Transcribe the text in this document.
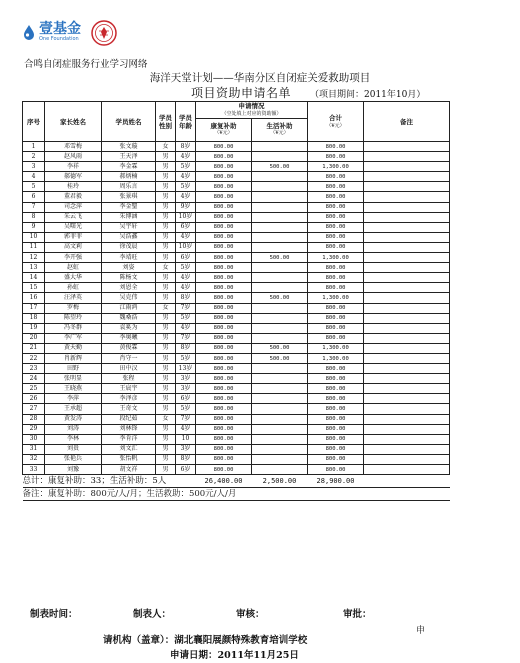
壹基金
One Foundation
合鸣自闭症服务行业学习网络
海洋天堂计划——华南分区自闭症关爱救助项目
项目资助申请名单 （项目期间：2011年10月）
序号	家长姓名	学员姓名	学员性别	学员年龄	申请情况
（空处填上对应的资助额）		合计
（¥元）	备注

					康复补助
（¥元）	生活补助
（¥元）		

1	邓雪梅	张文璇	女	8岁	800.00		800.00	
2	赵风雨	王天泽	男	4岁	800.00		800.00	
3	李祥	李金霖	男	5岁	800.00	500.00	1,300.00	
4	郝德军	郝炳楠	男	4岁	800.00		800.00	
5	桂玲	周乐言	男	5岁	800.00		800.00	
6	董君毅	张景琪	男	4岁	800.00		800.00	
7	司念萍	李金聖	男	9岁	800.00		800.00	
8	朱云飞	朱博涵	男	10岁	800.00		800.00	
9	吴曙光	吴宇轩	男	6岁	800.00		800.00	
10	郭菲菲	吴浩鑫	男	4岁	800.00		800.00	
11	高文莉	徐茂晨	男	10岁	800.00		800.00	
12	李开强	李靖旺	男	6岁	800.00	500.00	1,300.00	
13	赵虹	刘姿	女	5岁	800.00		800.00	
14	盛大华	陈杨文	男	4岁	800.00		800.00	
15	孙虹	刘恩全	男	4岁	800.00		800.00	
16	汪泽英	吴克伟	男	8岁	800.00	500.00	1,300.00	
17	罗梅	江雨鸿	女	7岁	800.00		800.00	
18	陈望玲	魏桑浩	男	5岁	800.00		800.00	
19	冯冬群	袁奚为	男	4岁	800.00		800.00	
20	李广军	李奥曦	男	7岁	800.00		800.00	
21	黄天勤	黄俊霖	男	8岁	800.00	500.00	1,300.00	
22	肖新辉	肖守一	男	5岁	800.00	500.00	1,300.00	
23	田野	田中汉	男	13岁	800.00		800.00	
24	张明显	张程	男	3岁	800.00		800.00	
25	王晓燕	王宸宇	男	3岁	800.00		800.00	
26	李萍	李泽彦	男	6岁	800.00		800.00	
27	王承超	王奇文	男	5岁	800.00		800.00	
28	黄发涛	段纪茹	女	7岁	800.00		800.00	
29	刘涛	刘林锋	男	4岁	800.00		800.00	
30	李林	李肯洋	男	10	800.00		800.00	
31	刘贵	刘文汇	男	3岁	800.00		800.00	
32	张艳兵	张怡帆	男	8岁	800.00		800.00	
33	刘豫	胡文祥	男	6岁	800.00		800.00	
总计：康复补助：33；生活补助：5人					26,400.00	2,500.00	28,900.00	
备注：康复补助：800元/人/月；生活救助：500元/人/月								
制表时间：	制表人：	审核：	审批：
申
请机构（盖章）：湖北襄阳展颜特殊教育培训学校
申请日期：2011年11月25日
